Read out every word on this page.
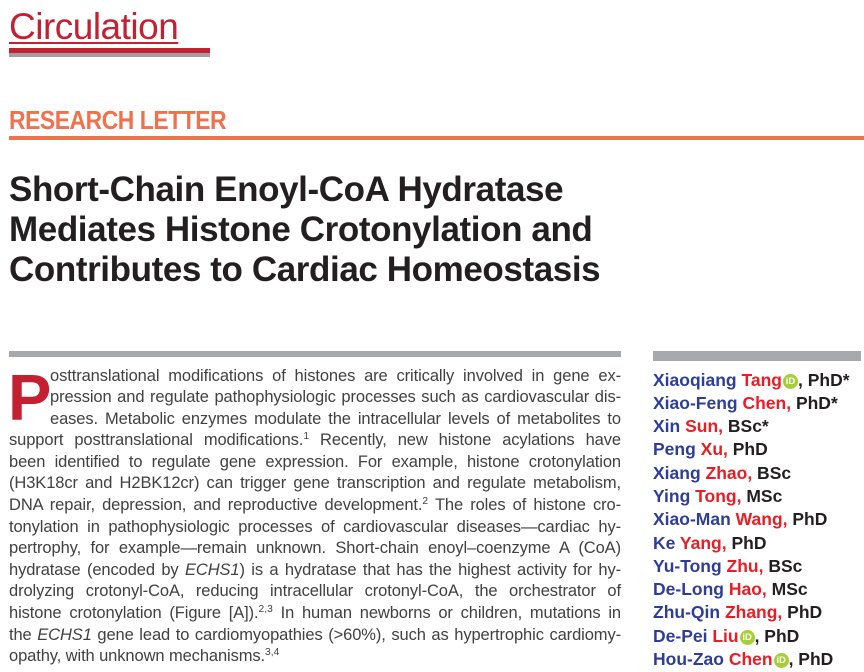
Circulation
RESEARCH LETTER
Short-Chain Enoyl-CoA Hydratase
Mediates Histone Crotonylation and
Contributes to Cardiac Homeostasis
P
osttranslational modifications of histones are critically involved in gene ex-
pression and regulate pathophysiologic processes such as cardiovascular dis-
eases. Metabolic enzymes modulate the intracellular levels of metabolites to
support posttranslational modifications.$^1$ Recently, new histone acylations have
been identified to regulate gene expression. For example, histone crotonylation
(H3K18cr and H2BK12cr) can trigger gene transcription and regulate metabolism,
DNA repair, depression, and reproductive development.$^2$ The roles of histone cro-
tonylation in pathophysiologic processes of cardiovascular diseases—cardiac hy-
pertrophy, for example—remain unknown. Short-chain enoyl–coenzyme A (CoA)
hydratase (encoded by ECHS1) is a hydratase that has the highest activity for hy-
drolyzing crotonyl-CoA, reducing intracellular crotonyl-CoA, the orchestrator of
histone crotonylation (Figure [A]).$^{2,3}$ In human newborns or children, mutations in
the ECHS1 gene lead to cardiomyopathies (>60%), such as hypertrophic cardiomy-
opathy, with unknown mechanisms.$^{3,4}$
Xiaoqiang Tang iD , PhD*
Xiao-Feng Chen, PhD*
Xin Sun, BSc*
Peng Xu, PhD
Xiang Zhao, BSc
Ying Tong, MSc
Xiao-Man Wang, PhD
Ke Yang, PhD
Yu-Tong Zhu, BSc
De-Long Hao, MSc
Zhu-Qin Zhang, PhD
De-Pei Liu iD , PhD
Hou-Zao Chen iD , PhD
